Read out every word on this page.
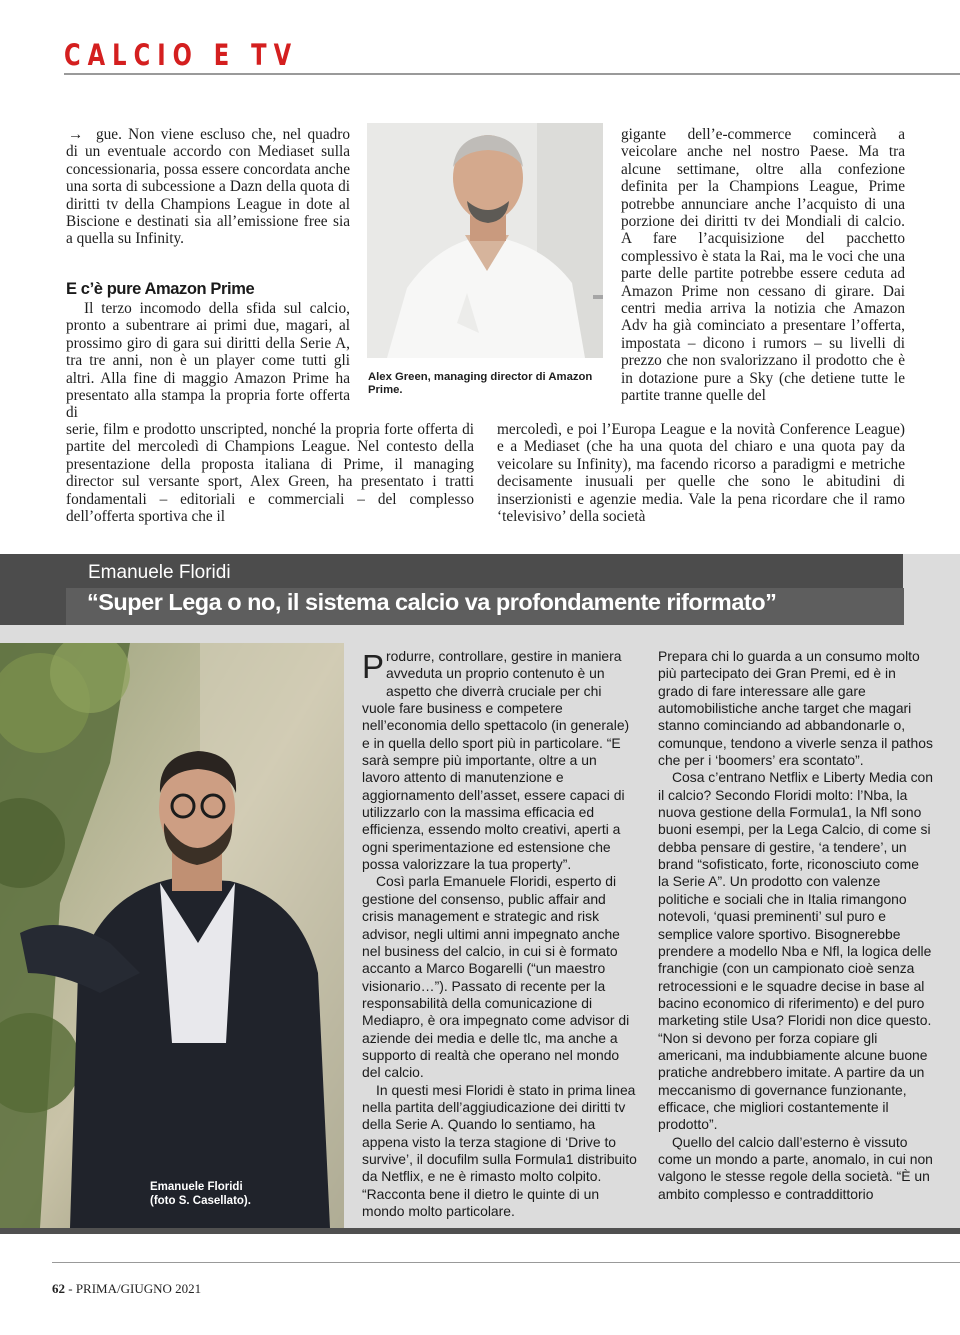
CALCIO E TV

→ gue. Non viene escluso che, nel quadro di un eventuale accordo con Mediaset sulla concessionaria, possa essere concordata anche una sorta di subcessione a Dazn della quota di diritti tv della Champions League in dote al Biscione e destinati sia all’emissione free sia a quella su Infinity.

E c’è pure Amazon Prime

Il terzo incomodo della sfida sul calcio, pronto a subentrare ai primi due, magari, al prossimo giro di gara sui diritti della Serie A, tra tre anni, non è un player come tutti gli altri. Alla fine di maggio Amazon Prime ha presentato alla stampa la propria forte offerta di

serie, film e prodotto unscripted, nonché la propria forte offerta di partite del mercoledì di Champions League. Nel contesto della presentazione della proposta italiana di Prime, il managing director sul versante sport, Alex Green, ha presentato i tratti fondamentali – editoriali e commerciali – del complesso dell’offerta sportiva che il

Alex Green, managing director di Amazon Prime.

gigante dell’e-commerce comincerà a veicolare anche nel nostro Paese. Ma tra alcune settimane, oltre alla confezione definita per la Champions League, Prime potrebbe annunciare anche l’acquisto di una porzione dei diritti tv dei Mondiali di calcio. A fare l’acquisizione del pacchetto complessivo è stata la Rai, ma le voci che una parte delle partite potrebbe essere ceduta ad Amazon Prime non cessano di girare. Dai centri media arriva la notizia che Amazon Adv ha già cominciato a presentare l’offerta, impostata – dicono i rumors – su livelli di prezzo che non svalorizzano il prodotto che è in dotazione pure a Sky (che detiene tutte le partite tranne quelle del

mercoledì, e poi l’Europa League e la novità Conference League) e a Mediaset (che ha una quota del chiaro e una quota pay da veicolare su Infinity), ma facendo ricorso a paradigmi e metriche decisamente inusuali per quelle che sono le abitudini di inserzionisti e agenzie media. Vale la pena ricordare che il ramo ‘televisivo’ della società

Emanuele Floridi
“Super Lega o no, il sistema calcio va profondamente riformato”
Emanuele Floridi
(foto S. Casellato).

Produrre, controllare, gestire in maniera avveduta un proprio contenuto è un aspetto che diverrà cruciale per chi vuole fare business e competere nell’economia dello spettacolo (in generale) e in quella dello sport più in particolare. “E sarà sempre più importante, oltre a un lavoro attento di manutenzione e aggiornamento dell’asset, essere capaci di utilizzarlo con la massima efficacia ed efficienza, essendo molto creativi, aperti a ogni sperimentazione ed estensione che possa valorizzare la tua property”.

Così parla Emanuele Floridi, esperto di gestione del consenso, public affair and crisis management e strategic and risk advisor, negli ultimi anni impegnato anche nel business del calcio, in cui si è formato accanto a Marco Bogarelli (“un maestro visionario…”). Passato di recente per la responsabilità della comunicazione di Mediapro, è ora impegnato come advisor di aziende dei media e delle tlc, ma anche a supporto di realtà che operano nel mondo del calcio.

In questi mesi Floridi è stato in prima linea nella partita dell’aggiudicazione dei diritti tv della Serie A. Quando lo sentiamo, ha appena visto la terza stagione di ‘Drive to survive’, il docufilm sulla Formula1 distribuito da Netflix, e ne è rimasto molto colpito. “Racconta bene il dietro le quinte di un mondo molto particolare.

Prepara chi lo guarda a un consumo molto più partecipato dei Gran Premi, ed è in grado di fare interessare alle gare automobilistiche anche target che magari stanno cominciando ad abbandonarle o, comunque, tendono a viverle senza il pathos che per i ‘boomers’ era scontato”.

Cosa c’entrano Netflix e Liberty Media con il calcio? Secondo Floridi molto: l’Nba, la nuova gestione della Formula1, la Nfl sono buoni esempi, per la Lega Calcio, di come si debba pensare di gestire, ‘a tendere’, un brand “sofisticato, forte, riconosciuto come la Serie A”. Un prodotto con valenze politiche e sociali che in Italia rimangono notevoli, ‘quasi preminenti’ sul puro e semplice valore sportivo. Bisognerebbe prendere a modello Nba e Nfl, la logica delle franchigie (con un campionato cioè senza retrocessioni e le squadre decise in base al bacino economico di riferimento) e del puro marketing stile Usa? Floridi non dice questo. “Non si devono per forza copiare gli americani, ma indubbiamente alcune buone pratiche andrebbero imitate. A partire da un meccanismo di governance funzionante, efficace, che migliori costantemente il prodotto”.

Quello del calcio dall’esterno è vissuto come un mondo a parte, anomalo, in cui non valgono le stesse regole della società. “È un ambito complesso e contraddittorio

62 - PRIMA/GIUGNO 2021
